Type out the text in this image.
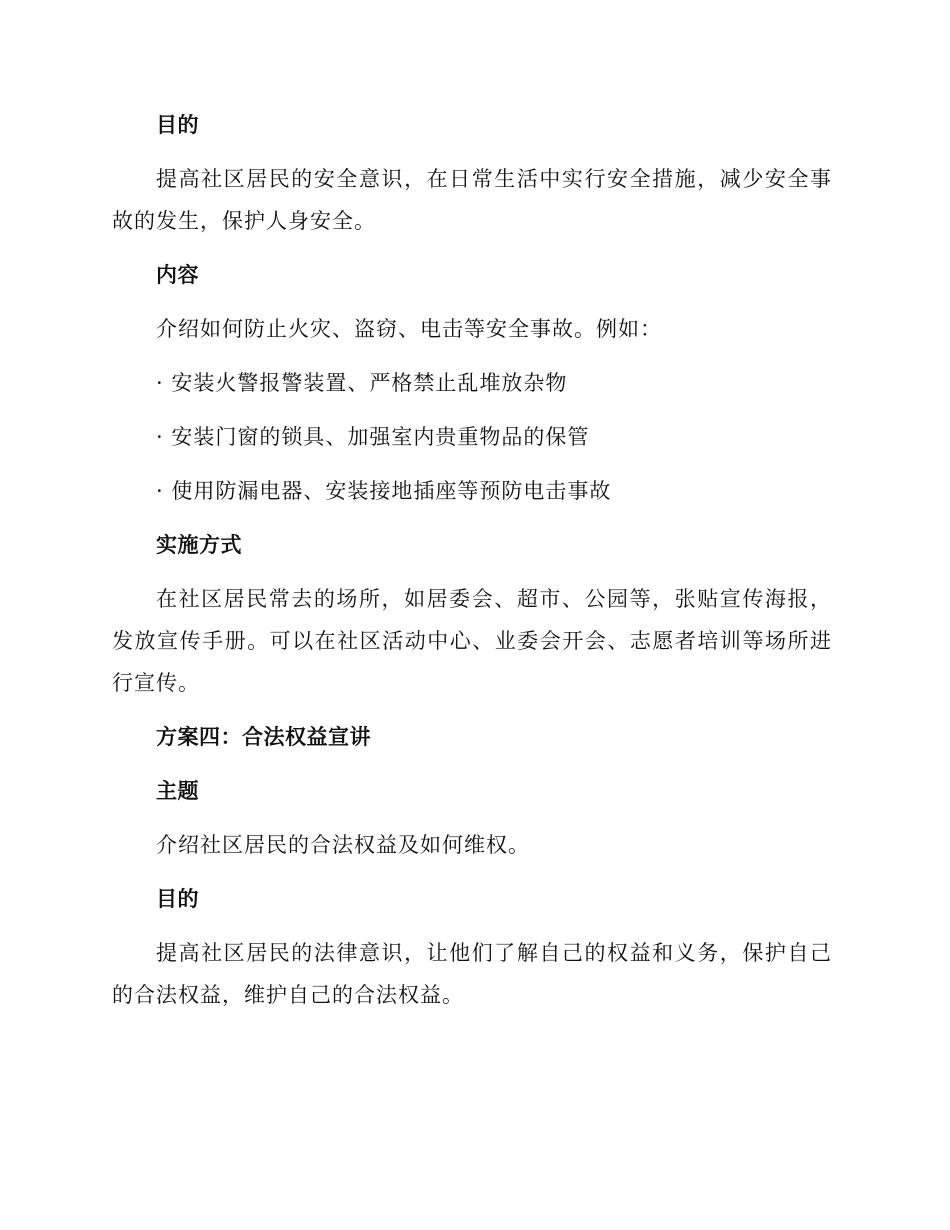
目的

提高社区居民的安全意识，在日常生活中实行安全措施，减少安全事故的发生，保护人身安全。

内容

介绍如何防止火灾、盗窃、电击等安全事故。例如：

· 安装火警报警装置、严格禁止乱堆放杂物
· 安装门窗的锁具、加强室内贵重物品的保管
· 使用防漏电器、安装接地插座等预防电击事故
实施方式

在社区居民常去的场所，如居委会、超市、公园等，张贴宣传海报，发放宣传手册。可以在社区活动中心、业委会开会、志愿者培训等场所进行宣传。

方案四：合法权益宣讲
主题

介绍社区居民的合法权益及如何维权。

目的

提高社区居民的法律意识，让他们了解自己的权益和义务，保护自己的合法权益，维护自己的合法权益。
